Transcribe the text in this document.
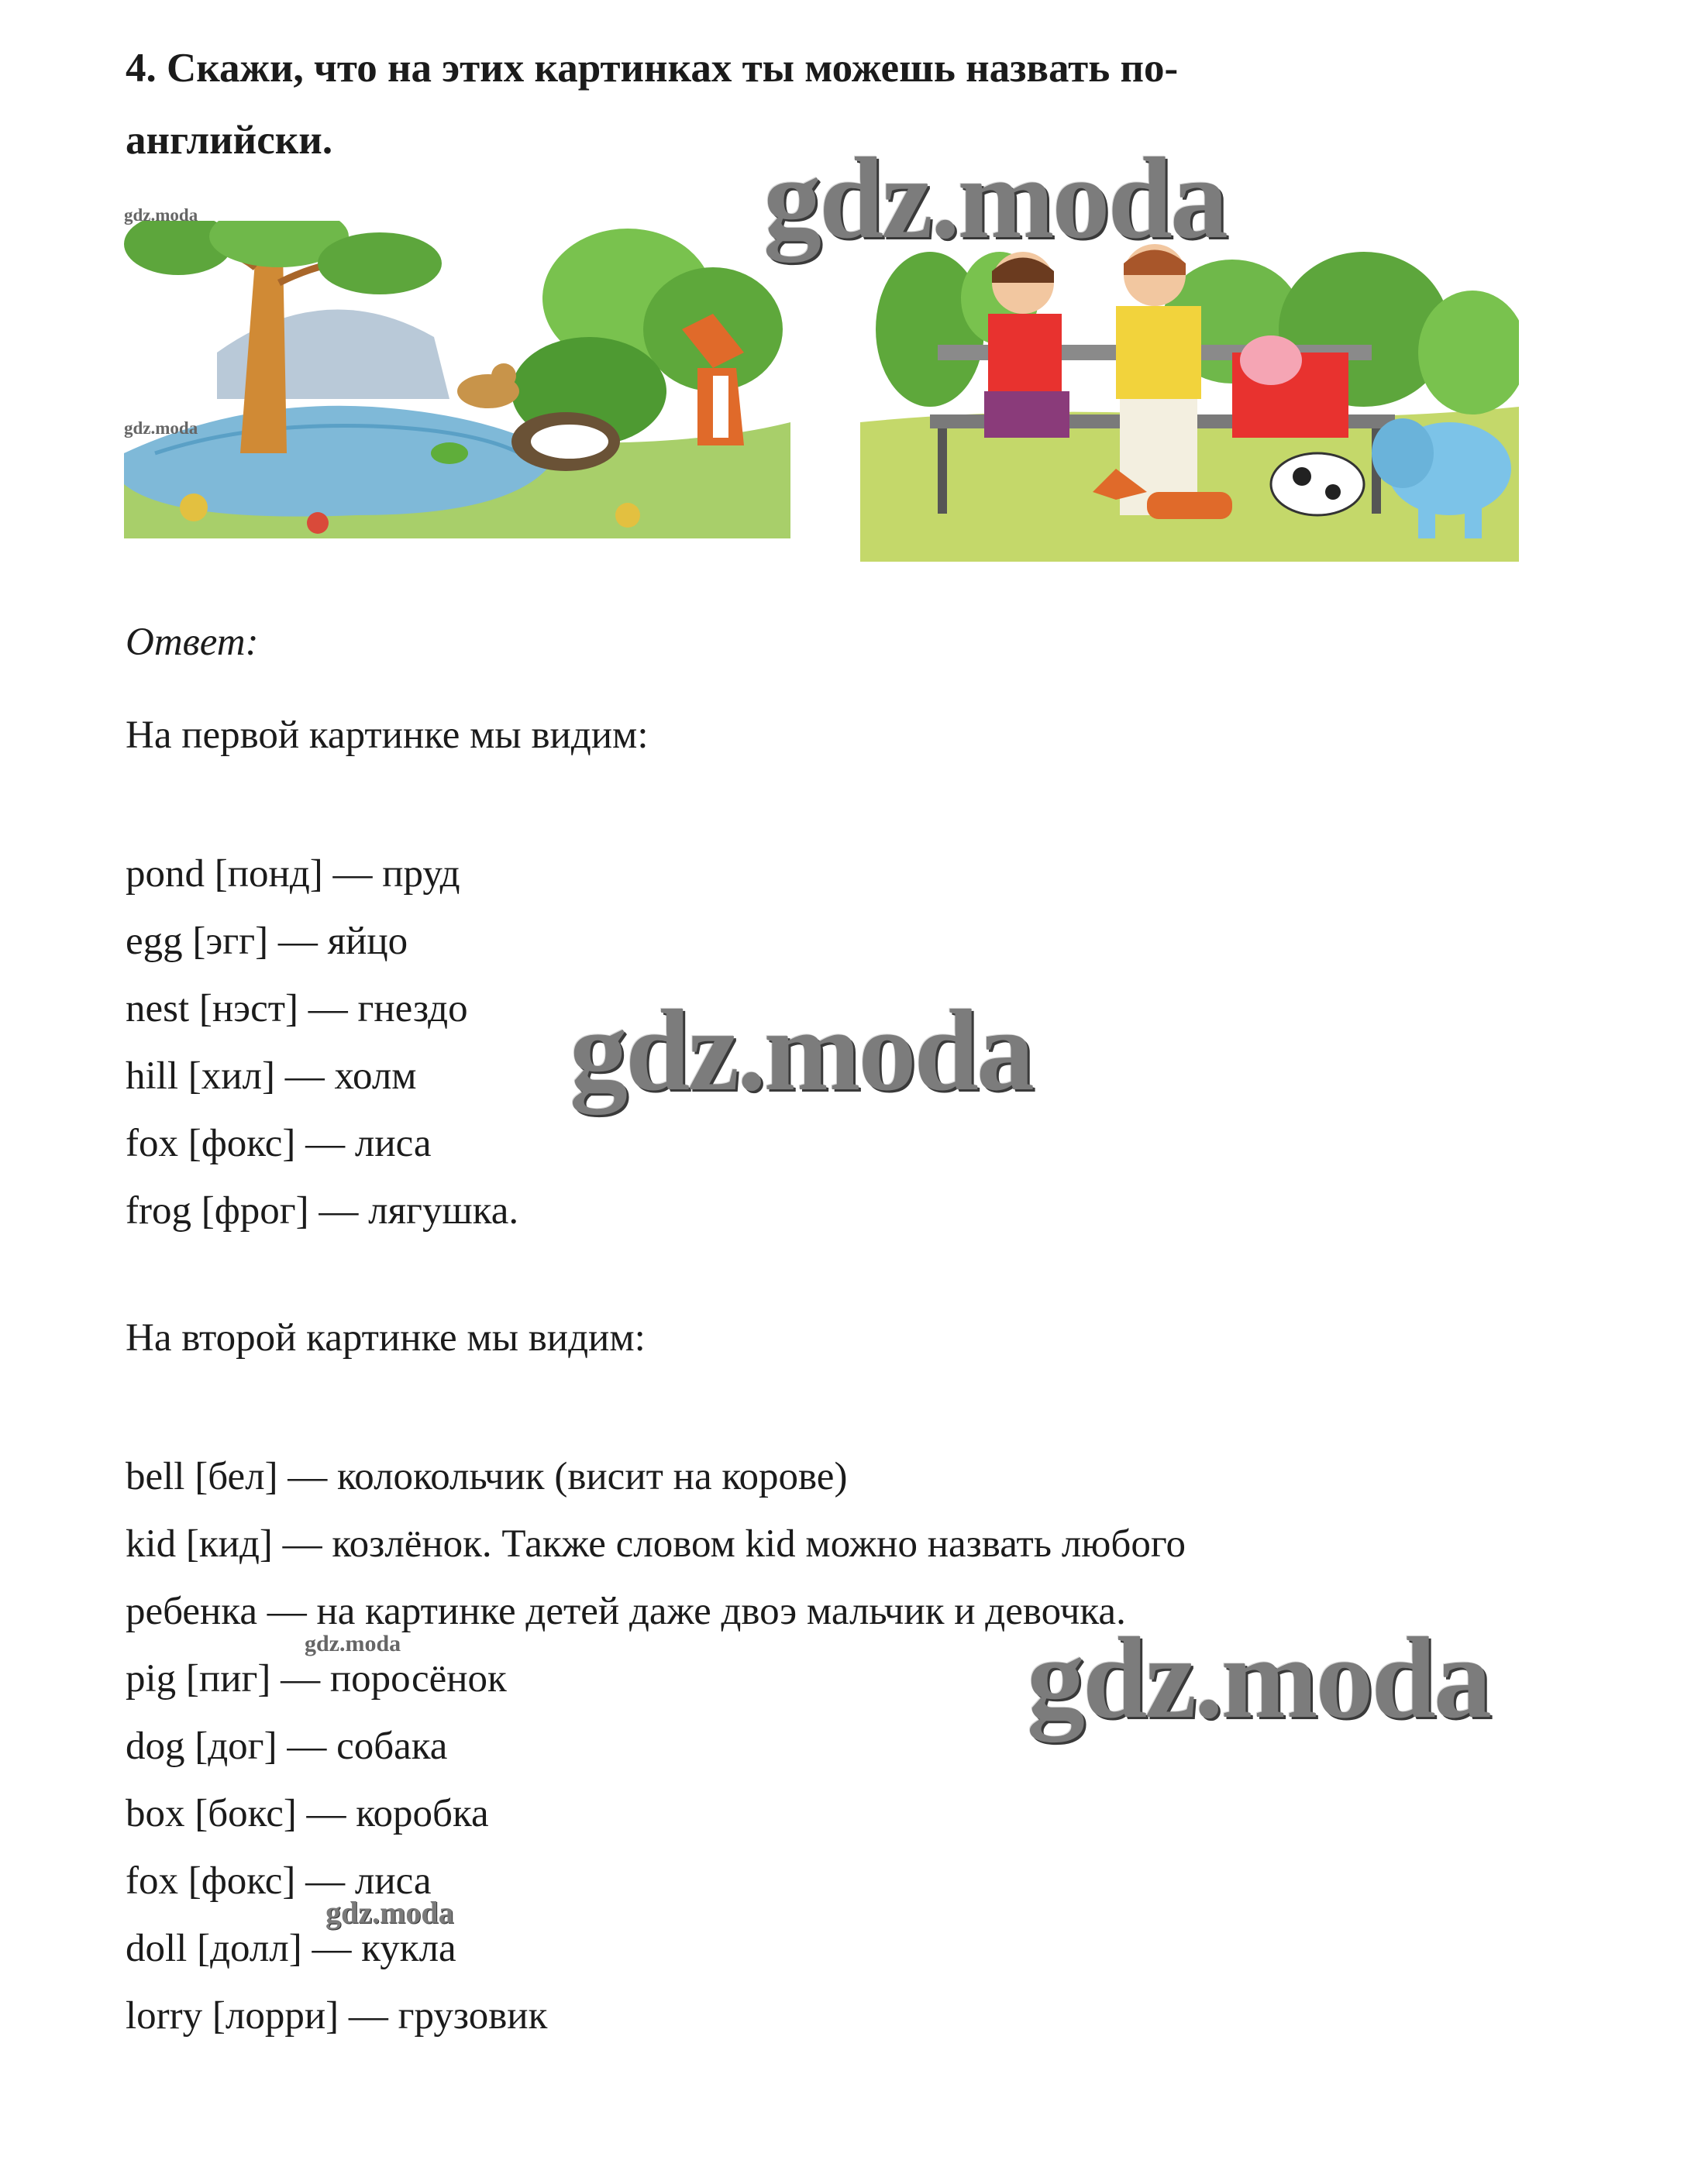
4. Скажи, что на этих картинках ты можешь назвать по-
английски.	gdz.moda
gdz.moda
gdz.moda
gdz.moda
gdz.moda
gdz.moda
gdz.moda
Ответ:
На первой картинке мы видим:
pond [понд] — пруд
egg [эгг] — яйцо
nest [нэст] — гнездо
hill [хил] — холм
fox [фокс] — лиса
frog [фрог] — лягушка.
На второй картинке мы видим:
bell [бел] — колокольчик (висит на корове)
kid [кид] — козлёнок. Также словом kid можно назвать любого
ребенка — на картинке детей даже двоэ мальчик и девочка.
pig [пиг] — поросёнок
dog [дог] — собака
box [бокс] — коробка
fox [фокс] — лиса
doll [долл] — кукла
lorry [лорри] — грузовик
